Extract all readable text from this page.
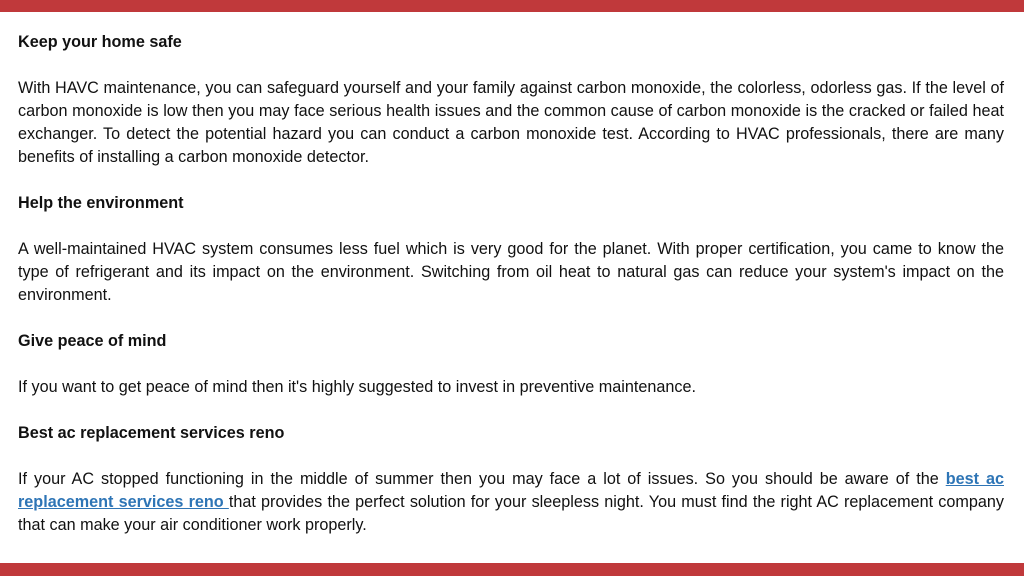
Keep your home safe

With HAVC maintenance, you can safeguard yourself and your family against carbon monoxide, the colorless, odorless gas. If the level of carbon monoxide is low then you may face serious health issues and the common cause of carbon monoxide is the cracked or failed heat exchanger. To detect the potential hazard you can conduct a carbon monoxide test. According to HVAC professionals, there are many benefits of installing a carbon monoxide detector.

Help the environment

A well-maintained HVAC system consumes less fuel which is very good for the planet. With proper certification, you came to know the type of refrigerant and its impact on the environment. Switching from oil heat to natural gas can reduce your system's impact on the environment.

Give peace of mind

If you want to get peace of mind then it's highly suggested to invest in preventive maintenance.

Best ac replacement services reno

If your AC stopped functioning in the middle of summer then you may face a lot of issues. So you should be aware of the best ac replacement services reno that provides the perfect solution for your sleepless night. You must find the right AC replacement company that can make your air conditioner work properly.
